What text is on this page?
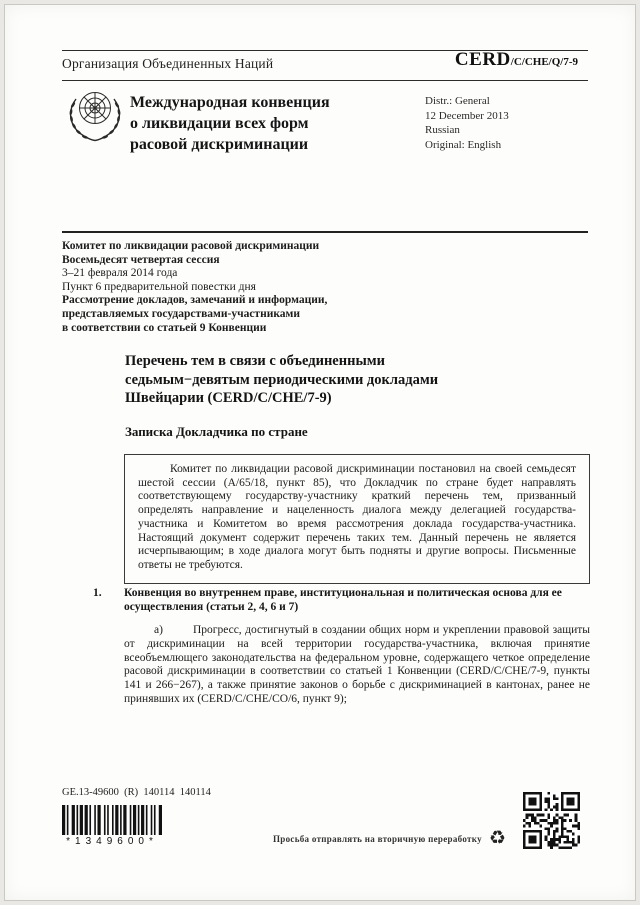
Организация Объединенных Наций	CERD /C/CHE/Q/7-9
Международная конвенция
о ликвидации всех форм
расовой дискриминации
Distr.: General
12 December 2013
Russian
Original: English
Комитет по ликвидации расовой дискриминации
Восемьдесят четвертая сессия
3–21 февраля 2014 года
Пункт 6 предварительной повестки дня
Рассмотрение докладов, замечаний и информации,
представляемых государствами-участниками
в соответствии со статьей 9 Конвенции
Перечень тем в связи с объединенными
седьмым−девятым периодическими докладами
Швейцарии (CERD/C/CHE/7-9)
Записка Докладчика по стране

Комитет по ликвидации расовой дискриминации постановил на своей семьдесят шестой сессии (A/65/18, пункт 85), что Докладчик по стране будет направлять соответствующему государству-участнику краткий перечень тем, призванный определять направление и нацеленность диалога между делегацией государства-участника и Комитетом во время рассмотрения доклада государства-участника. Настоящий документ содержит перечень таких тем. Данный перечень не является исчерпывающим; в ходе диалога могут быть подняты и другие вопросы. Письменные ответы не требуются.

1.	Конвенция во внутреннем праве, институциональная и политическая основа для ее осуществления (статьи 2, 4, 6 и 7)

а)	Прогресс, достигнутый в создании общих норм и укреплении правовой защиты от дискриминации на всей территории государства-участника, включая принятие всеобъемлющего законодательства на федеральном уровне, содержащего четкое определение расовой дискриминации в соответствии со статьей 1 Конвенции (CERD/C/CHE/7-9, пункты 141 и 266−267), а также принятие законов о борьбе с дискриминацией в кантонах, ранее не принявших их (CERD/C/CHE/CO/6, пункт 9);

GE.13-49600  (R)  140114  140114
*1349600*	Просьба отправлять на вторичную переработку ♻
